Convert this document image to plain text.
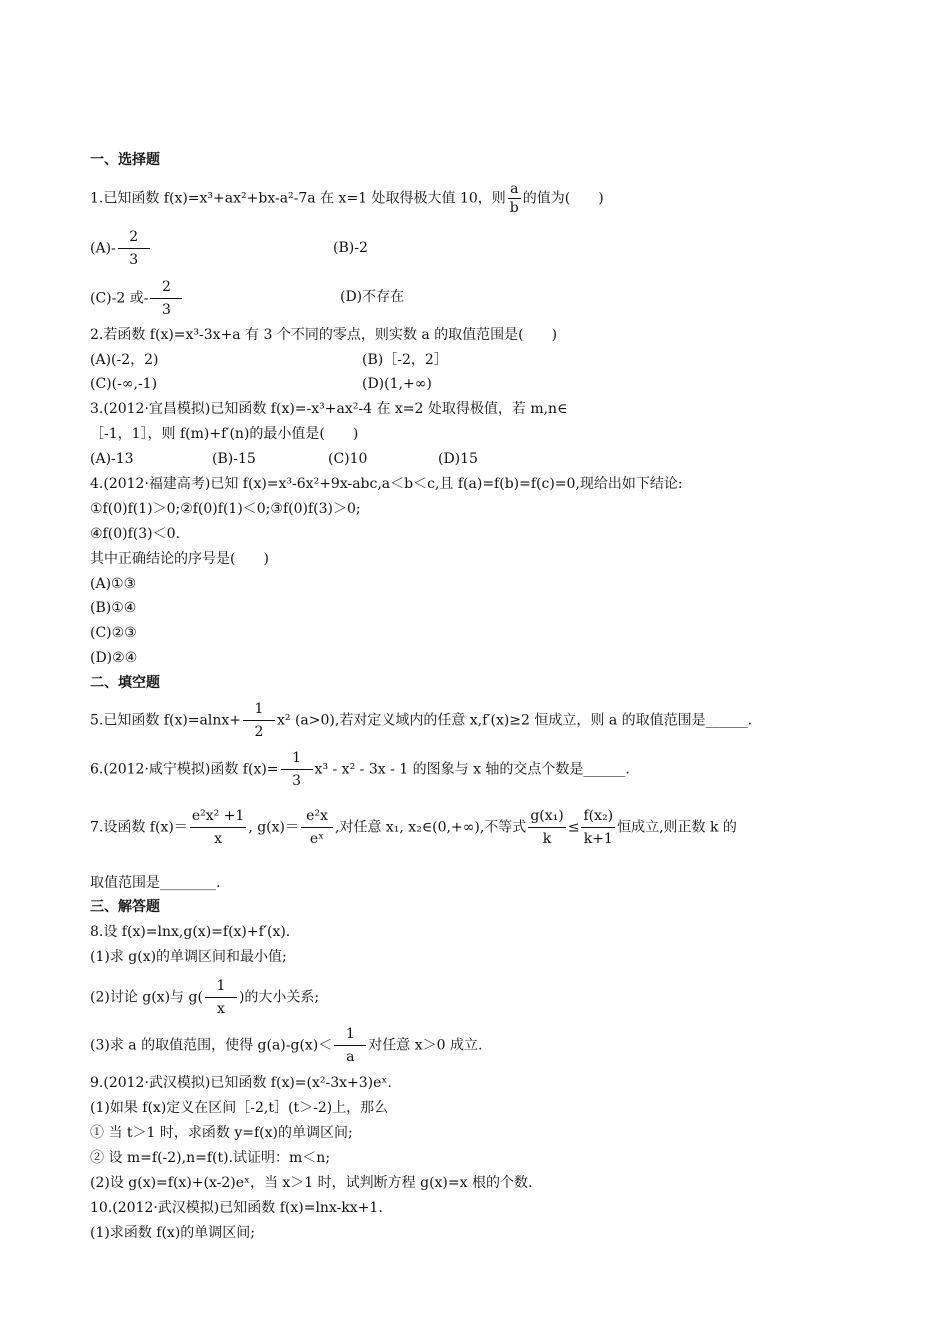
一、选择题
1.已知函数 f(x)=x³+ax²+bx-a²-7a 在 x=1 处取得极大值 10，则 $\frac{a}{b}$ 的值为(　　)
$(A)- \frac{2}{3}$	(B)-2
(C)-2 或- $\frac{2}{3}$	(D)不存在
2.若函数 f(x)=x³-3x+a 有 3 个不同的零点，则实数 a 的取值范围是(　　)
(A)(-2，2)	(B)［-2，2］
(C)(-∞,-1)	(D)(1,+∞)
3.(2012·宜昌模拟)已知函数 f(x)=-x³+ax²-4 在 x=2 处取得极值，若 m,n∈
［-1，1］，则 f(m)+f′(n)的最小值是(　　)
(A)-13	(B)-15	(C)10	(D)15
4.(2012·福建高考)已知 f(x)=x³-6x²+9x-abc,a＜b＜c,且 f(a)=f(b)=f(c)=0,现给出如下结论:
①f(0)f(1)＞0;②f(0)f(1)＜0;③f(0)f(3)＞0;
④f(0)f(3)＜0.
其中正确结论的序号是(　　)
(A)①③
(B)①④
(C)②③
(D)②④
二、填空题
5.已知函数 $f(x)=alnx+ \frac{1}{2} x^2$ (a>0),若对定义域内的任意 x,f′(x)≥2 恒成立，则 a 的取值范围是______.
6.(2012·咸宁模拟)函数 $f(x)= \frac{1}{3} x^3 - x^2 - 3x - 1$ 的图象与 x 轴的交点个数是______.
7.设函数 $f(x)= \frac{\text{e²x² +1}}{x}$ , $g(x)= \frac{\text{e²x}}{\text{eˣ}}$ ,对任意 x₁, x₂∈(0,+∞),不等式 $\frac{\text{g(x₁)}}{k} \le \frac{\text{f(x₂)}}{k+1}$ 恒成立,则正数 k 的
取值范围是________.
三、解答题
8.设 f(x)=lnx,g(x)=f(x)+f′(x).
(1)求 g(x)的单调区间和最小值;
(2)讨论 g(x)与 $g( \frac{1}{x}$ )的大小关系;
(3)求 a 的取值范围，使得 $g(a)-g(x)< \frac{1}{a}$ 对任意 x＞0 成立.
9.(2012·武汉模拟)已知函数 f(x)=(x²-3x+3)eˣ.
(1)如果 f(x)定义在区间［-2,t］(t＞-2)上，那么
① 当 t＞1 时，求函数 y=f(x)的单调区间;
② 设 m=f(-2),n=f(t).试证明：m＜n;
(2)设 g(x)=f(x)+(x-2)eˣ，当 x＞1 时，试判断方程 g(x)=x 根的个数.
10.(2012·武汉模拟)已知函数 f(x)=lnx-kx+1.
(1)求函数 f(x)的单调区间;
